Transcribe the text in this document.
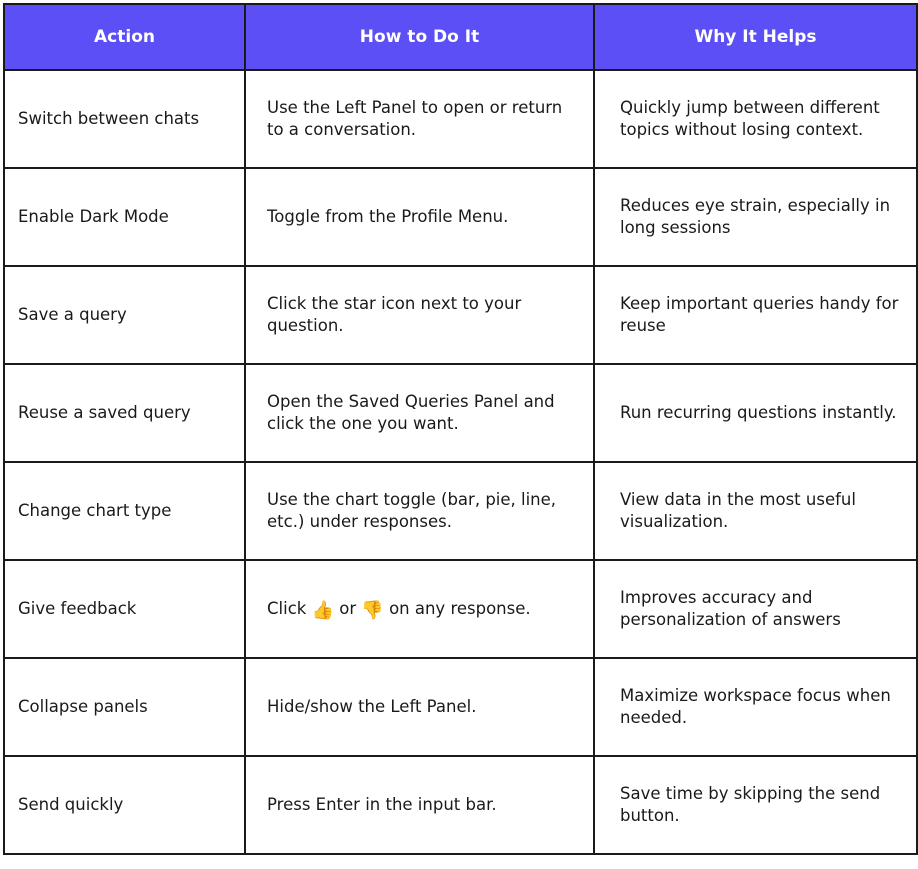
Action	How to Do It	Why It Helps
Switch between chats	Use the Left Panel to open or return to a conversation.	Quickly jump between different topics without losing context.
Enable Dark Mode	Toggle from the Profile Menu.	Reduces eye strain, especially in long sessions
Save a query	Click the star icon next to your question.	Keep important queries handy for reuse
Reuse a saved query	Open the Saved Queries Panel and click the one you want.	Run recurring questions instantly.
Change chart type	Use the chart toggle (bar, pie, line, etc.) under responses.	View data in the most useful visualization.
Give feedback	Click 👍 or 👎 on any response.	Improves accuracy and personalization of answers
Collapse panels	Hide/show the Left Panel.	Maximize workspace focus when needed.
Send quickly	Press Enter in the input bar.	Save time by skipping the send button.
